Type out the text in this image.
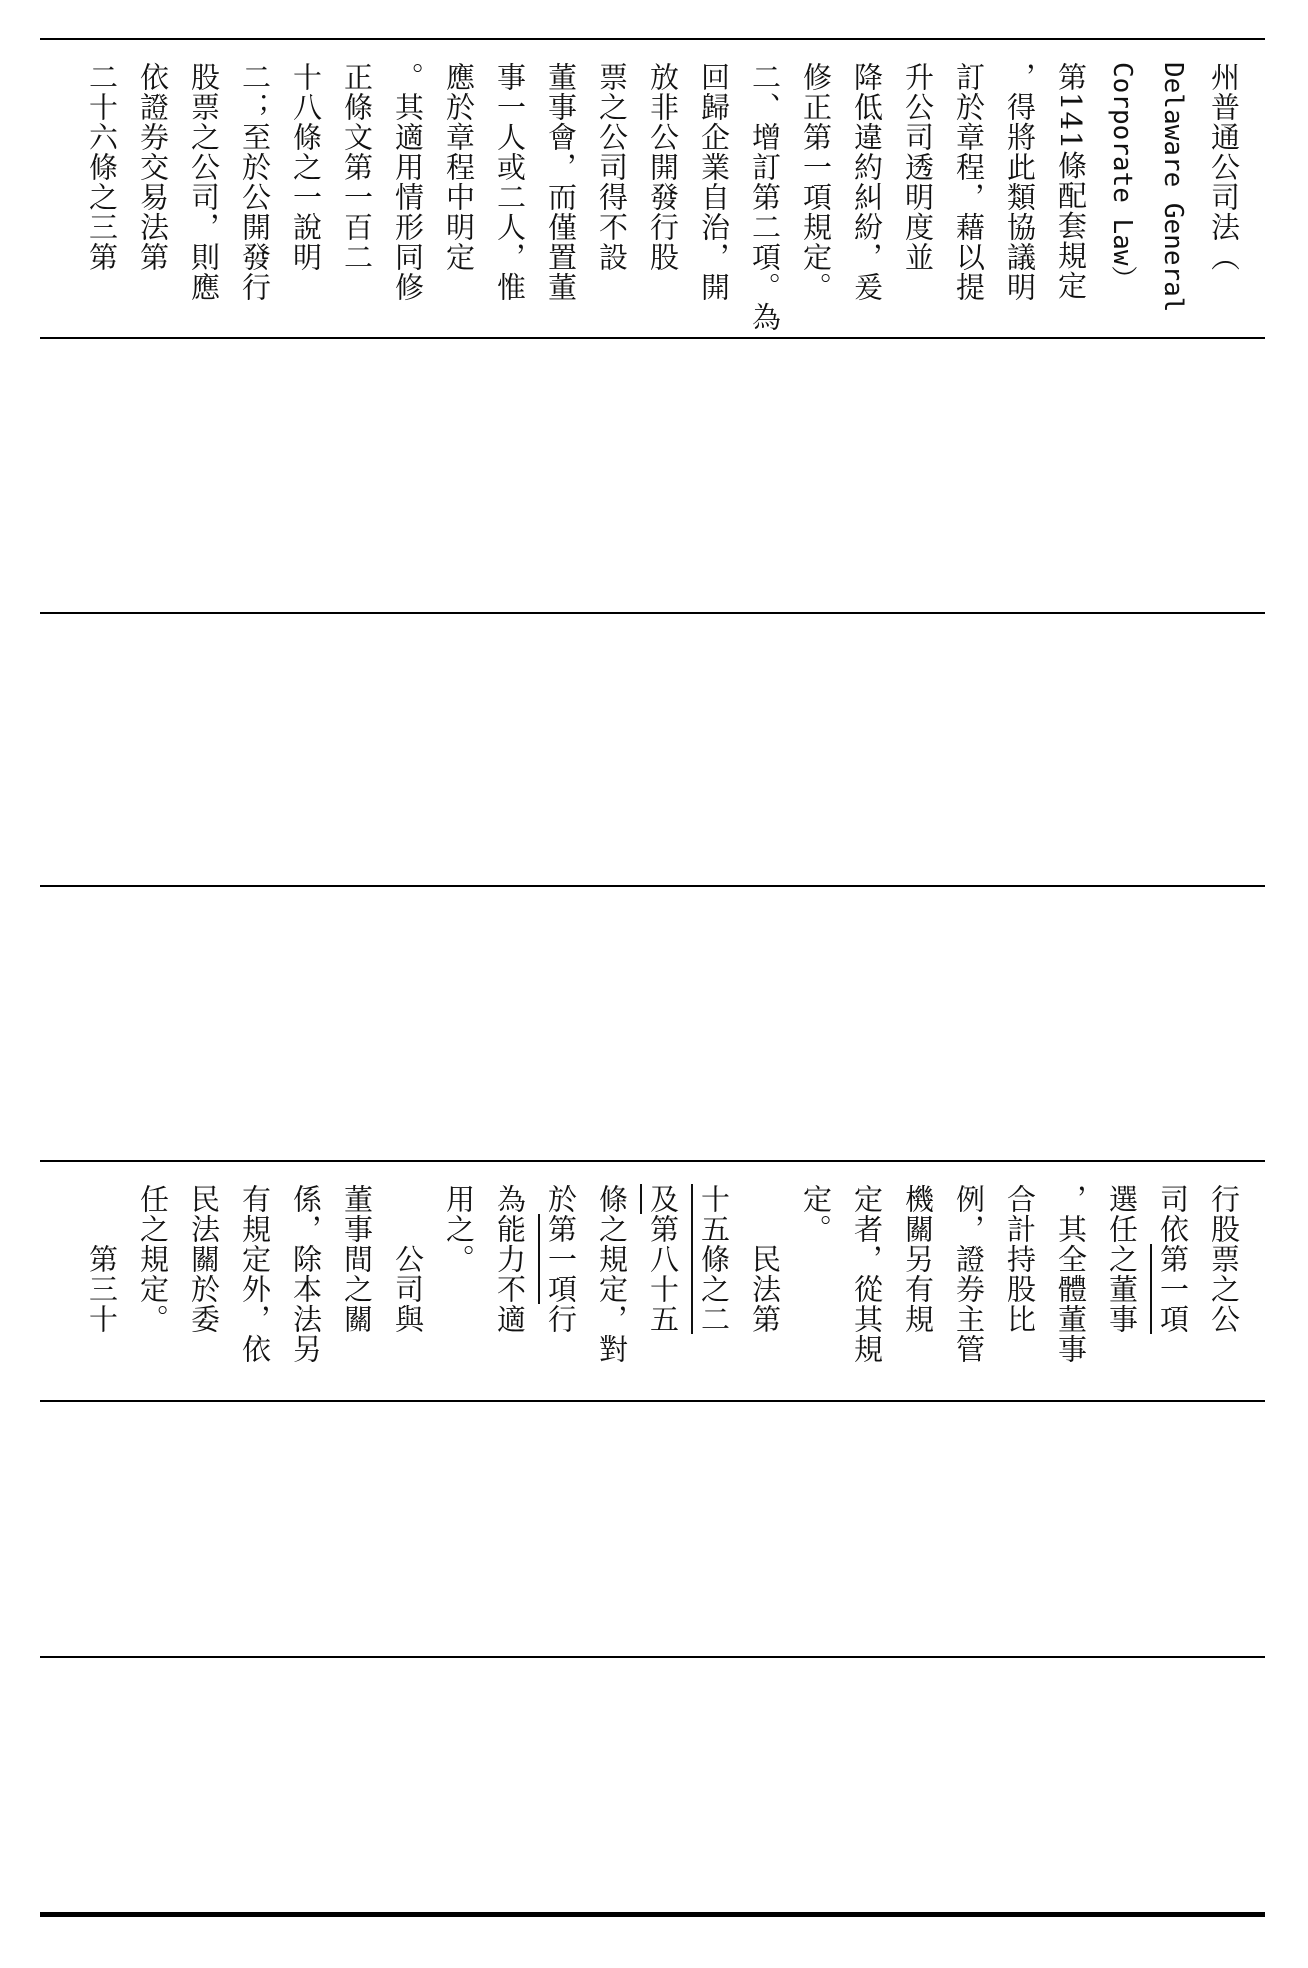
州普通公司法（
Delaware General
Corporate Law）
第141條配套規定
，得將此類協議明
訂於章程，藉以提
升公司透明度並
降低違約糾紛，爰
修正第一項規定。
二、增訂第二項。為
回歸企業自治，開
放非公開發行股
票之公司得不設
董事會，而僅置董
事一人或二人，惟
應於章程中明定
。其適用情形同修
正條文第一百二
十八條之一說明
二；至於公開發行
股票之公司，則應
依證券交易法第
二十六條之三第
行股票之公
司依第一項
選任之董事
，其全體董事
合計持股比
例，證券主管
機關另有規
定者，從其規
定。
　　民法第
十五條之二
及第八十五
條之規定，對
於第一項行
為能力不適
用之。
　　公司與
董事間之關
係，除本法另
有規定外，依
民法關於委
任之規定。
　　第三十
